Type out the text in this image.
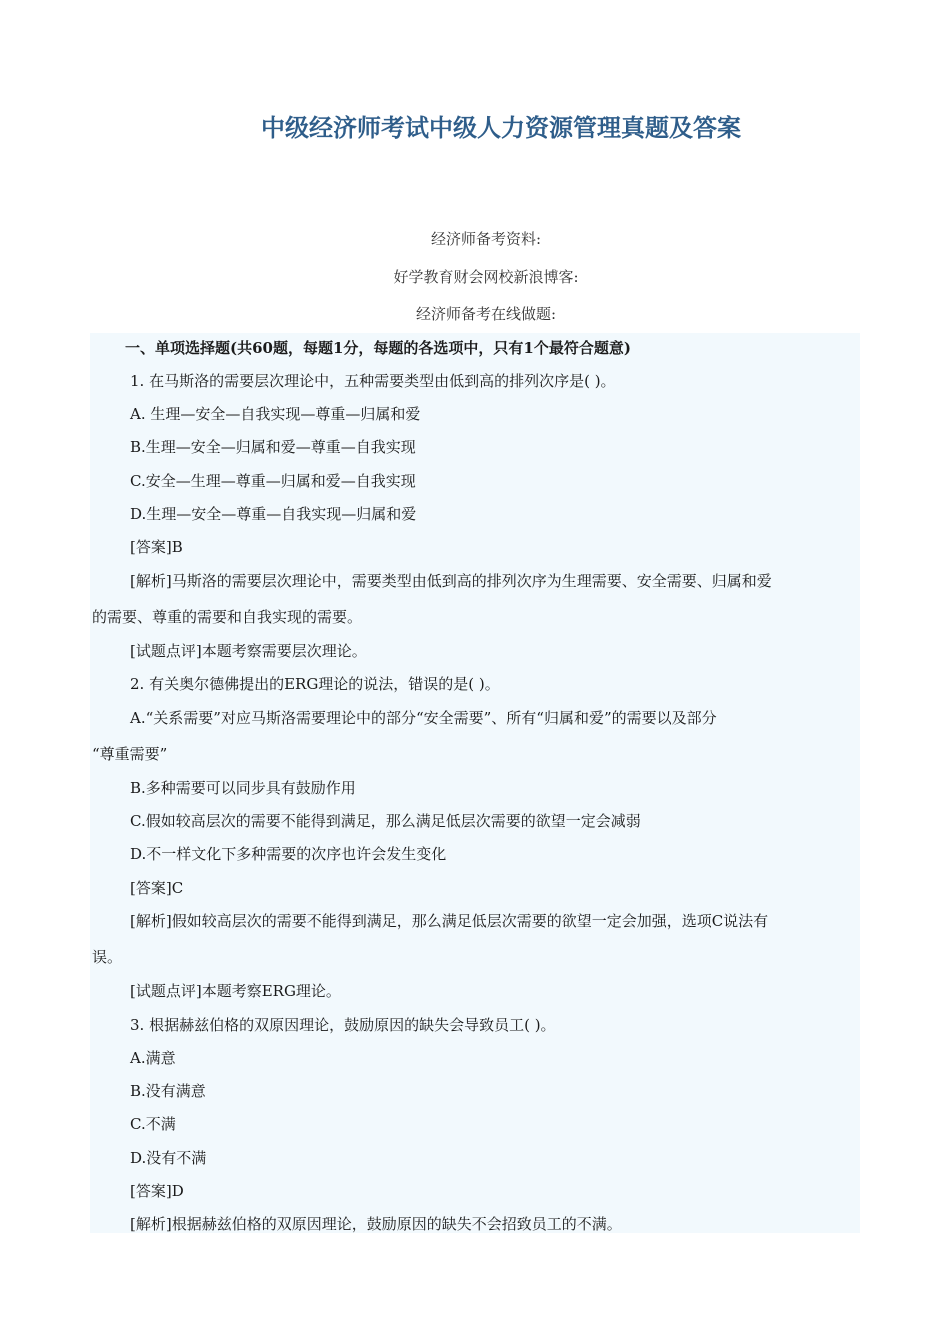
中级经济师考试中级人力资源管理真题及答案
经济师备考资料:
好学教育财会网校新浪博客:
经济师备考在线做题:
一、单项选择题(共60题，每题1分，每题的各选项中，只有1个最符合题意)
1. 在马斯洛的需要层次理论中，五种需要类型由低到高的排列次序是( )。
A. 生理—安全—自我实现—尊重—归属和爱
B.生理—安全—归属和爱—尊重—自我实现
C.安全—生理—尊重—归属和爱—自我实现
D.生理—安全—尊重—自我实现—归属和爱
[答案]B
[解析]马斯洛的需要层次理论中，需要类型由低到高的排列次序为生理需要、安全需要、归属和爱
的需要、尊重的需要和自我实现的需要。
[试题点评]本题考察需要层次理论。
2. 有关奥尔德佛提出的ERG理论的说法，错误的是( )。
A.“关系需要”对应马斯洛需要理论中的部分“安全需要”、所有“归属和爱”的需要以及部分
“尊重需要”
B.多种需要可以同步具有鼓励作用
C.假如较高层次的需要不能得到满足，那么满足低层次需要的欲望一定会减弱
D.不一样文化下多种需要的次序也许会发生变化
[答案]C
[解析]假如较高层次的需要不能得到满足，那么满足低层次需要的欲望一定会加强，选项C说法有
误。
[试题点评]本题考察ERG理论。
3. 根据赫兹伯格的双原因理论，鼓励原因的缺失会导致员工( )。
A.满意
B.没有满意
C.不满
D.没有不满
[答案]D
[解析]根据赫兹伯格的双原因理论，鼓励原因的缺失不会招致员工的不满。
